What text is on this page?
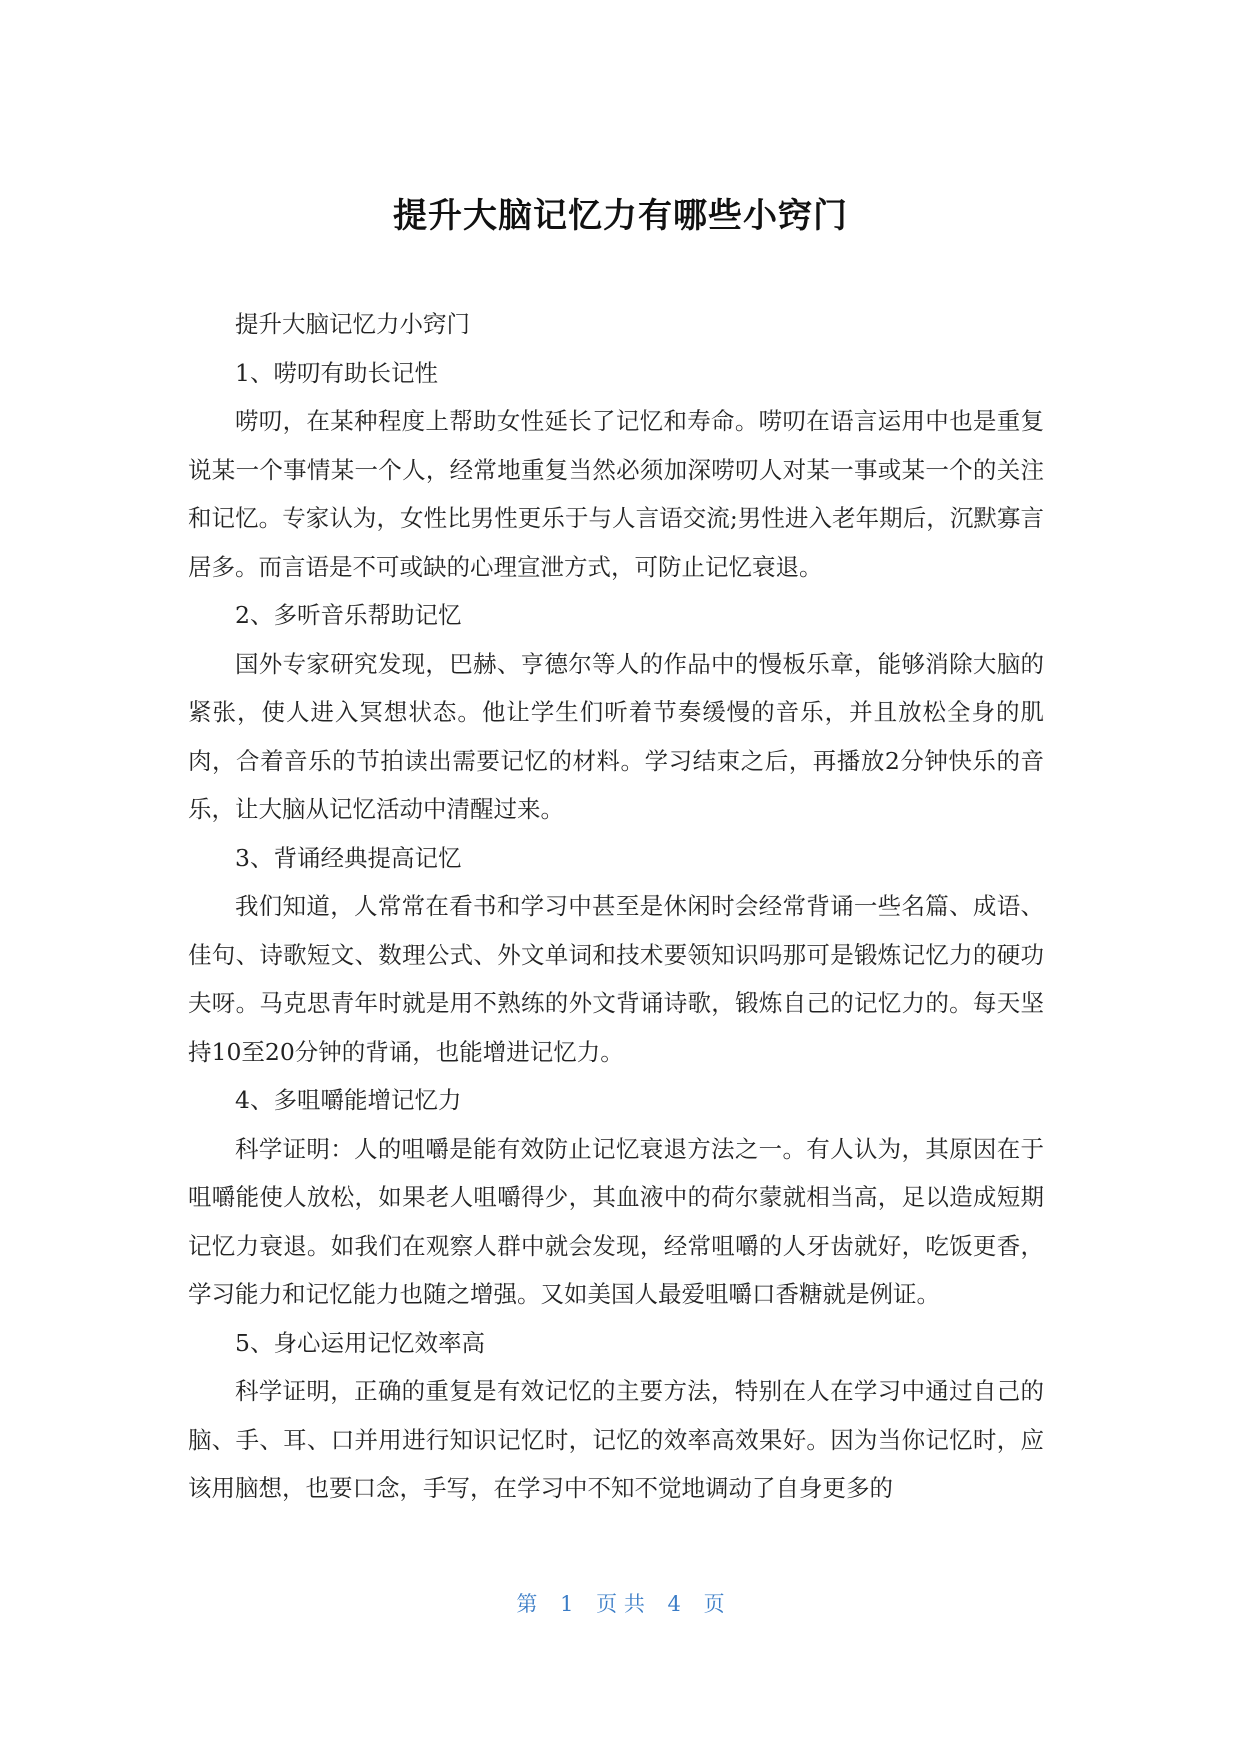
提升大脑记忆力有哪些小窍门

提升大脑记忆力小窍门

1、唠叨有助长记性

唠叨，在某种程度上帮助女性延长了记忆和寿命。唠叨在语言运用中也是重复说某一个事情某一个人，经常地重复当然必须加深唠叨人对某一事或某一个的关注和记忆。专家认为，女性比男性更乐于与人言语交流;男性进入老年期后，沉默寡言居多。而言语是不可或缺的心理宣泄方式，可防止记忆衰退。

2、多听音乐帮助记忆

国外专家研究发现，巴赫、亨德尔等人的作品中的慢板乐章，能够消除大脑的紧张，使人进入冥想状态。他让学生们听着节奏缓慢的音乐，并且放松全身的肌肉，合着音乐的节拍读出需要记忆的材料。学习结束之后，再播放2分钟快乐的音乐，让大脑从记忆活动中清醒过来。

3、背诵经典提高记忆

我们知道，人常常在看书和学习中甚至是休闲时会经常背诵一些名篇、成语、佳句、诗歌短文、数理公式、外文单词和技术要领知识吗那可是锻炼记忆力的硬功夫呀。马克思青年时就是用不熟练的外文背诵诗歌，锻炼自己的记忆力的。每天坚持10至20分钟的背诵，也能增进记忆力。

4、多咀嚼能增记忆力

科学证明：人的咀嚼是能有效防止记忆衰退方法之一。有人认为，其原因在于咀嚼能使人放松，如果老人咀嚼得少，其血液中的荷尔蒙就相当高，足以造成短期记忆力衰退。如我们在观察人群中就会发现，经常咀嚼的人牙齿就好，吃饭更香，学习能力和记忆能力也随之增强。又如美国人最爱咀嚼口香糖就是例证。

5、身心运用记忆效率高

科学证明，正确的重复是有效记忆的主要方法，特别在人在学习中通过自己的脑、手、耳、口并用进行知识记忆时，记忆的效率高效果好。因为当你记忆时，应该用脑想，也要口念，手写，在学习中不知不觉地调动了自身更多的

第 1 页 共 4 页
